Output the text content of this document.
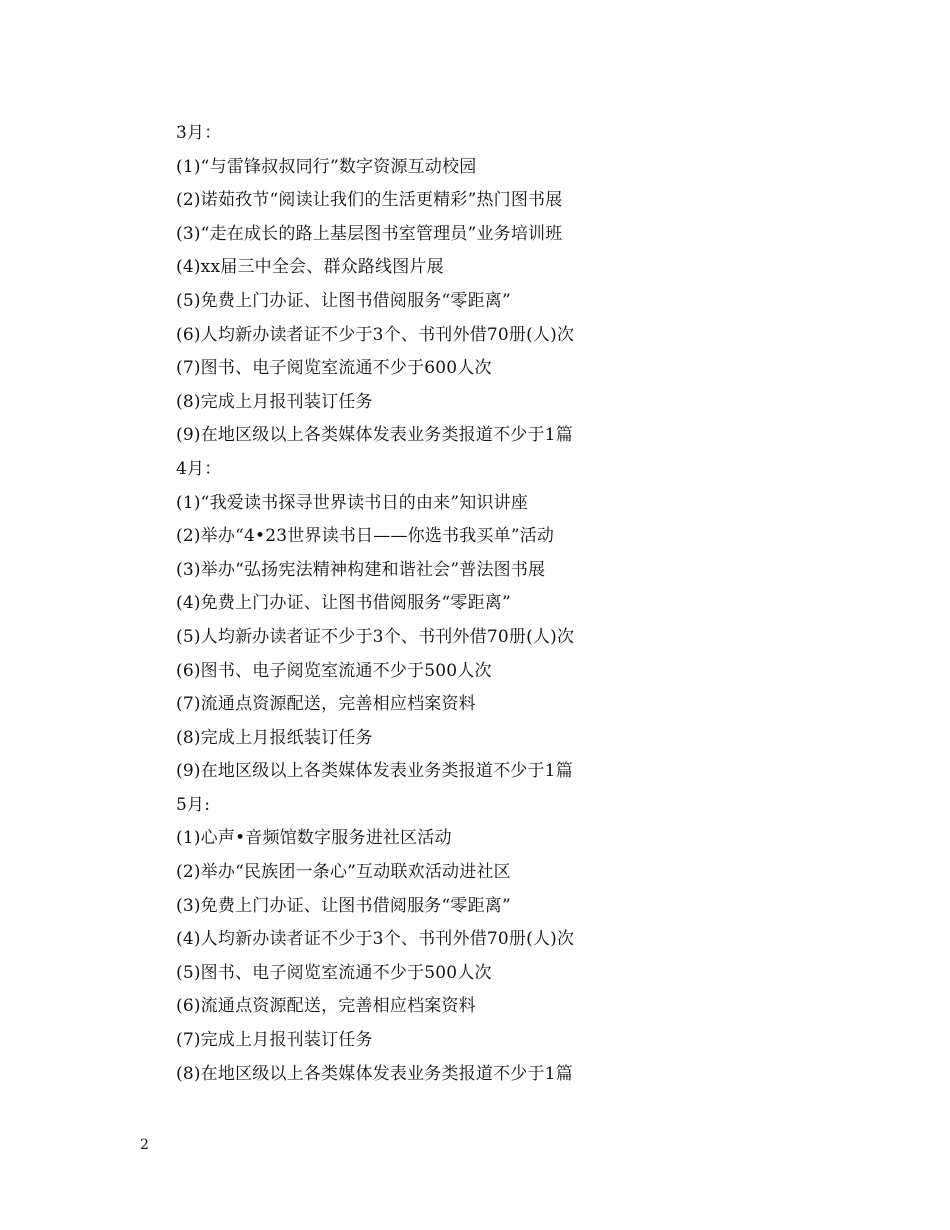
3月：
(1)“与雷锋叔叔同行”数字资源互动校园
(2)诺茹孜节“阅读让我们的生活更精彩”热门图书展
(3)“走在成长的路上基层图书室管理员”业务培训班
(4)xx届三中全会、群众路线图片展
(5)免费上门办证、让图书借阅服务“零距离”
(6)人均新办读者证不少于3个、书刊外借70册(人)次
(7)图书、电子阅览室流通不少于600人次
(8)完成上月报刊装订任务
(9)在地区级以上各类媒体发表业务类报道不少于1篇
4月：
(1)“我爱读书探寻世界读书日的由来”知识讲座
(2)举办“4•23世界读书日——你选书我买单”活动
(3)举办“弘扬宪法精神构建和谐社会”普法图书展
(4)免费上门办证、让图书借阅服务“零距离”
(5)人均新办读者证不少于3个、书刊外借70册(人)次
(6)图书、电子阅览室流通不少于500人次
(7)流通点资源配送，完善相应档案资料
(8)完成上月报纸装订任务
(9)在地区级以上各类媒体发表业务类报道不少于1篇
5月:
(1)心声•音频馆数字服务进社区活动
(2)举办“民族团一条心”互动联欢活动进社区
(3)免费上门办证、让图书借阅服务“零距离”
(4)人均新办读者证不少于3个、书刊外借70册(人)次
(5)图书、电子阅览室流通不少于500人次
(6)流通点资源配送，完善相应档案资料
(7)完成上月报刊装订任务
(8)在地区级以上各类媒体发表业务类报道不少于1篇
2
